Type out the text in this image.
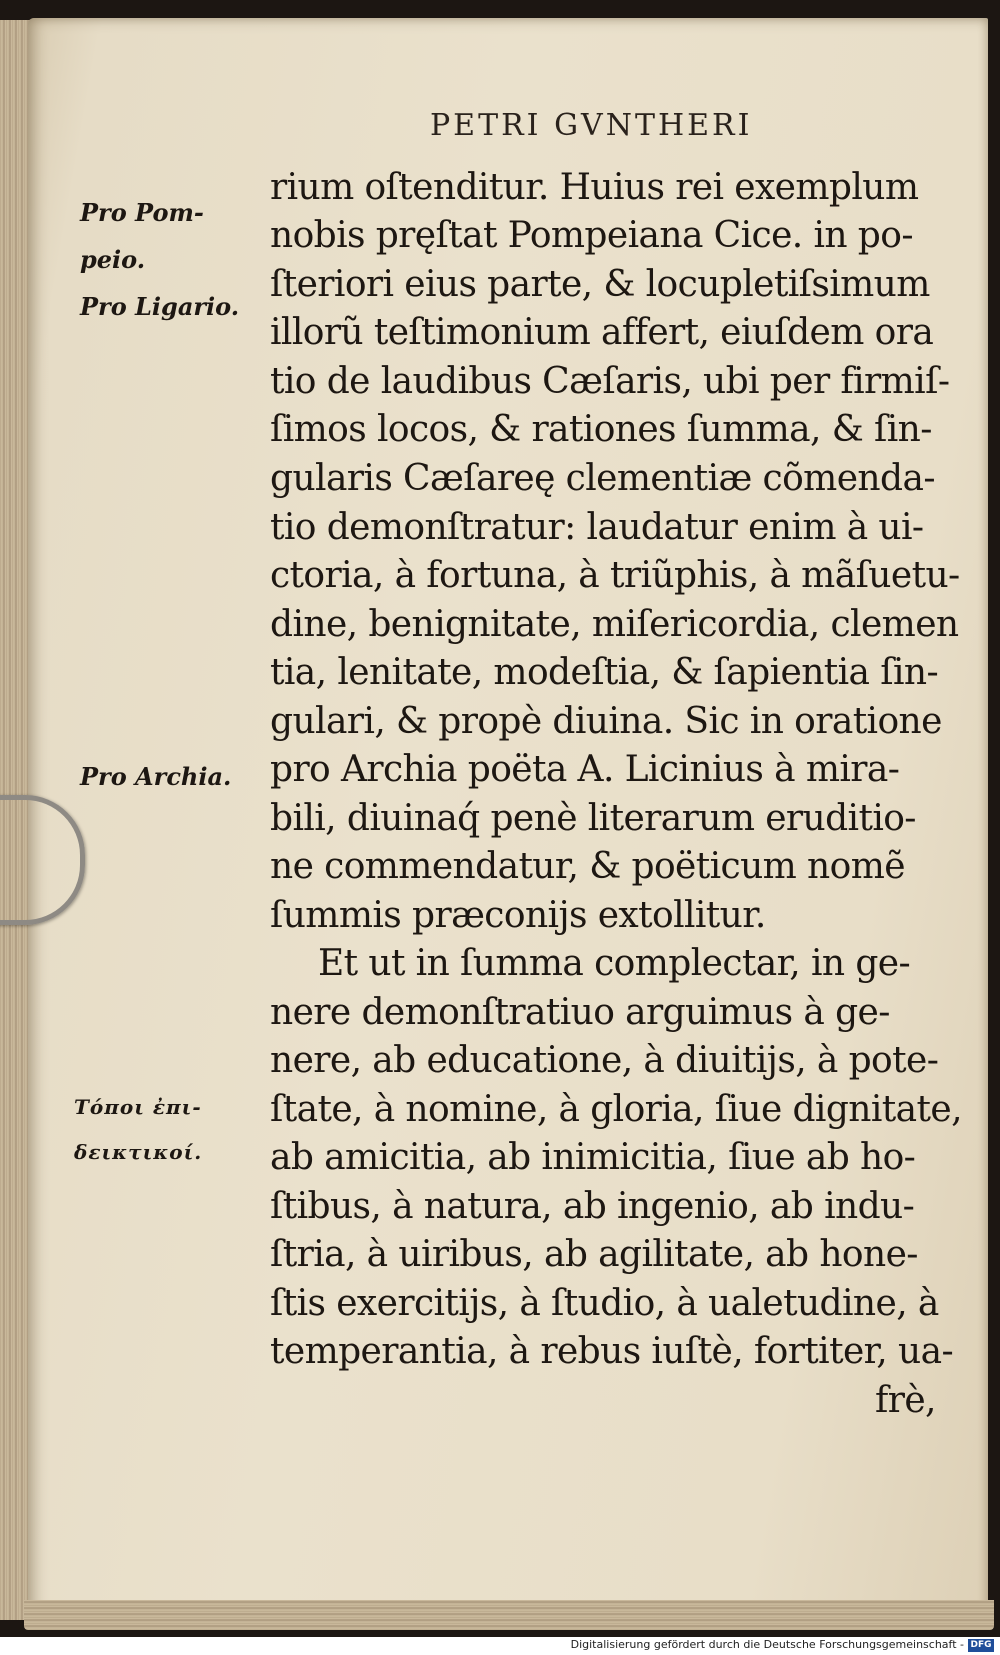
PETRI GVNTHERI
rium oſtenditur. Huius rei exemplum
nobis pręſtat Pompeiana Cice. in po-
ſteriori eius parte, & locupletiſsimum
illorũ teſtimonium affert, eiuſdem ora
tio de laudibus Cæſaris, ubi per firmiſ-
ſimos locos, & rationes ſumma, & ſin-
gularis Cæſareę clementiæ cõmenda-
tio demonſtratur: laudatur enim à ui-
ctoria, à fortuna, à triũphis, à mãſuetu-
dine, benignitate, miſericordia, clemen
tia, lenitate, modeſtia, & ſapientia ſin-
gulari, & propè diuina. Sic in oratione
pro Archia poëta A. Licinius à mira-
bili, diuinaq́ penè literarum eruditio-
ne commendatur, & poëticum nomẽ
ſummis præconijs extollitur.
Et ut in ſumma complectar, in ge-
nere demonſtratiuo arguimus à ge-
nere, ab educatione, à diuitijs, à pote-
ſtate, à nomine, à gloria, ſiue dignitate,
ab amicitia, ab inimicitia, ſiue ab ho-
ſtibus, à natura, ab ingenio, ab indu-
ſtria, à uiribus, ab agilitate, ab hone-
ſtis exercitijs, à ſtudio, à ualetudine, à
temperantia, à rebus iuſtè, fortiter, ua-
frè,
Pro Pom-
peio.
Pro Ligario.
Pro Archia.
Τόποι ἐπι-
δεικτικοί.
Digitalisierung gefördert durch die Deutsche Forschungsgemeinschaft - DFG
